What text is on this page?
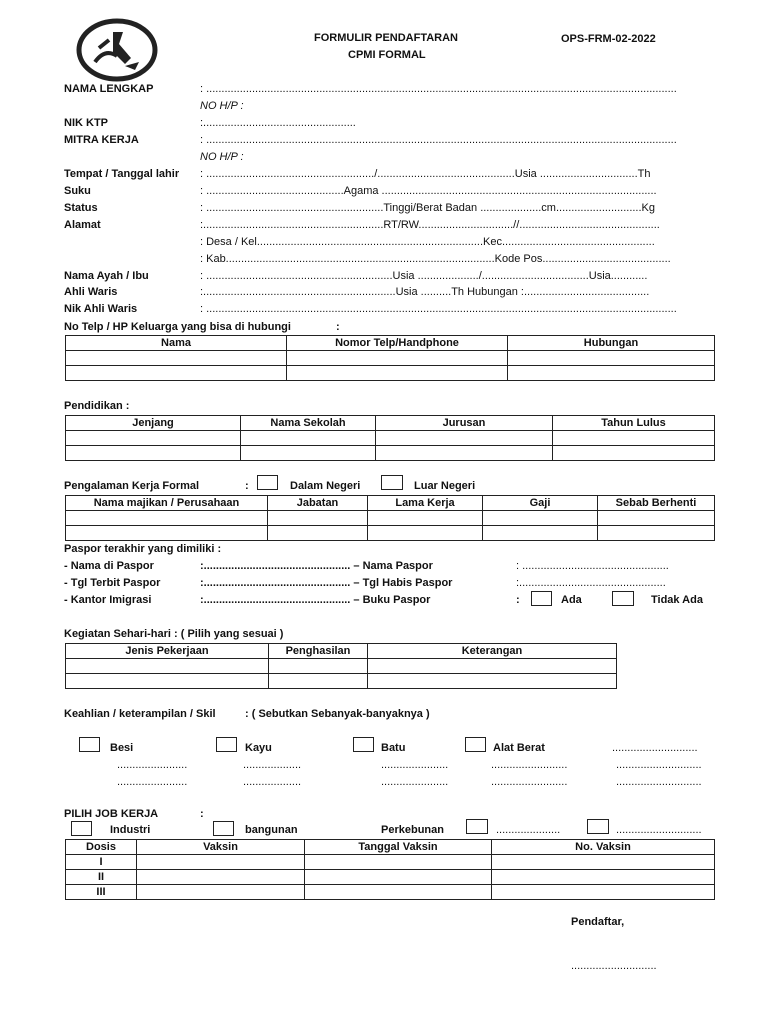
FORMULIR PENDAFTARAN
CPMI FORMAL
OPS-FRM-02-2022
NAMA LENGKAP	: ..........................................................................................................................................................
NO H/P :
NIK KTP	:..................................................
MITRA KERJA	: ..........................................................................................................................................................
NO H/P :
Tempat / Tanggal lahir : ......................................................./.............................................Usia ................................Th
Suku	: .............................................Agama ..........................................................................................
Status	: ..........................................................Tinggi/Berat Badan ....................cm............................Kg
Alamat	:...........................................................RT/RW...............................//..............................................
: Desa / Kel..........................................................................Kec..................................................
: Kab........................................................................................Kode Pos..........................................
Nama Ayah / Ibu	: .............................................................Usia ..................../...................................Usia............
Ahli Waris	:...............................................................Usia ..........Th Hubungan :.........................................
Nik Ahli Waris	: ..........................................................................................................................................................
No Telp / HP Keluarga yang bisa di hubungi	:
Nama	Nomor Telp/Handphone	Hubungan

Pendidikan :
Jenjang	Nama Sekolah	Jurusan	Tahun Lulus

Pengalaman Kerja Formal	:	Dalam Negeri	Luar Negeri
Nama majikan / Perusahaan	Jabatan	Lama Kerja	Gaji	Sebab Berhenti

Paspor terakhir yang dimiliki :
- Nama di Paspor	:................................................ – Nama Paspor	: ................................................
- Tgl Terbit Paspor	:................................................ – Tgl Habis Paspor	:................................................
- Kantor Imigrasi	:................................................ – Buku Paspor	:	Ada	Tidak Ada
Kegiatan Sehari-hari : ( Pilih yang sesuai )
Jenis Pekerjaan	Penghasilan	Keterangan

Keahlian / keterampilan / Skil	: ( Sebutkan Sebanyak-banyaknya )
Besi	Kayu	Batu	Alat Berat	............................
.......................	...................	......................	.........................	............................
.......................	...................	......................	.........................	............................
PILIH JOB KERJA	:
Industri	bangunan	Perkebunan	.....................	............................
Dosis	Vaksin	Tanggal Vaksin	No. Vaksin
I			
II			
III			
Pendaftar,
............................
